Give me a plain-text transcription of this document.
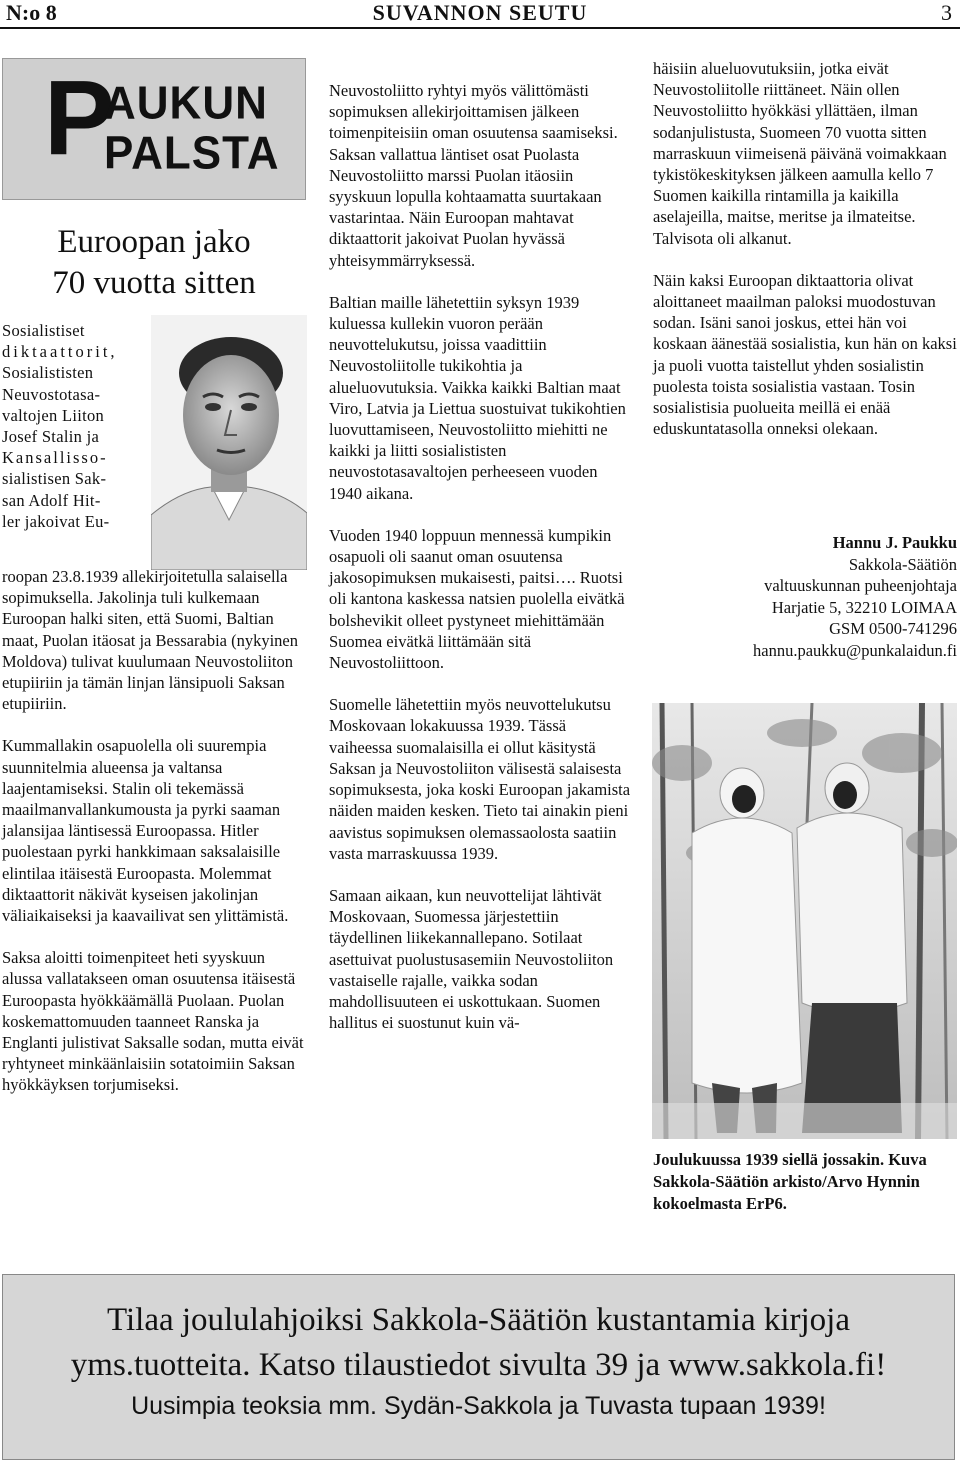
N:o 8	SUVANNON SEUTU	3
P
AUKUN
PALSTA
Euroopan jako
70 vuotta sitten
Sosialistiset
diktaattorit,
Sosialististen
Neuvostotasa-
valtojen Liiton
Josef Stalin ja
Kansallisso-
sialistisen Sak-
san Adolf Hit-
ler jakoivat Eu-

roopan 23.8.1939 allekirjoitetulla salaisella sopimuksella. Jakolinja tuli kulkemaan Euroopan halki siten, että Suomi, Baltian maat, Puolan itäosat ja Bessarabia (nykyinen Moldova) tulivat kuulumaan Neuvostoliiton etupiiriin ja tämän linjan länsipuoli Saksan etupiiriin.

Kummallakin osapuolella oli suurempia suunnitelmia alueensa ja valtansa laajentamiseksi. Stalin oli tekemässä maailmanvallankumousta ja pyrki saaman jalansijaa läntisessä Euroopassa. Hitler puolestaan pyrki hankkimaan saksalaisille elintilaa itäisestä Euroopasta. Molemmat diktaattorit näkivät kyseisen jakolinjan väliaikaiseksi ja kaavailivat sen ylittämistä.

Saksa aloitti toimenpiteet heti syyskuun alussa vallatakseen oman osuutensa itäisestä Euroopasta hyökkäämällä Puolaan. Puolan koskemattomuuden taanneet Ranska ja Englanti julistivat Saksalle sodan, mutta eivät ryhtyneet minkäänlaisiin sotatoimiin Saksan hyökkäyksen torjumiseksi.

Neuvostoliitto ryhtyi myös välittömästi sopimuksen allekirjoittamisen jälkeen toimenpiteisiin oman osuutensa saamiseksi. Saksan vallattua läntiset osat Puolasta Neuvostoliitto marssi Puolan itäosiin syyskuun lopulla kohtaamatta suurtakaan vastarintaa. Näin Euroopan mahtavat diktaattorit jakoivat Puolan hyvässä yhteisymmärryksessä.

Baltian maille lähetettiin syksyn 1939 kuluessa kullekin vuoron perään neuvottelukutsu, joissa vaadittiin Neuvostoliitolle tukikohtia ja alueluovutuksia. Vaikka kaikki Baltian maat Viro, Latvia ja Liettua suostuivat tukikohtien luovuttamiseen, Neuvostoliitto miehitti ne kaikki ja liitti sosialististen neuvostotasavaltojen perheeseen vuoden 1940 aikana.

Vuoden 1940 loppuun mennessä kumpikin osapuoli oli saanut oman osuutensa jakosopimuksen mukaisesti, paitsi…. Ruotsi oli kantona kaskessa natsien puolella eivätkä bolshevikit olleet pystyneet miehittämään Suomea eivätkä liittämään sitä Neuvostoliittoon.

Suomelle lähetettiin myös neuvottelukutsu Moskovaan lokakuussa 1939. Tässä vaiheessa suomalaisilla ei ollut käsitystä Saksan ja Neuvostoliiton välisestä salaisesta sopimuksesta, joka koski Euroopan jakamista näiden maiden kesken. Tieto tai ainakin pieni aavistus sopimuksen olemassaolosta saatiin vasta marraskuussa 1939.

Samaan aikaan, kun neuvottelijat lähtivät Moskovaan, Suomessa järjestettiin täydellinen liikekannallepano. Sotilaat asettuivat puolustusasemiin Neuvostoliiton vastaiselle rajalle, vaikka sodan mahdollisuuteen ei uskottukaan. Suomen hallitus ei suostunut kuin vä-

häisiin alueluovutuksiin, jotka eivät Neuvostoliitolle riittäneet. Näin ollen Neuvostoliitto hyökkäsi yllättäen, ilman sodanjulistusta, Suomeen 70 vuotta sitten marraskuun viimeisenä päivänä voimakkaan tykistökeskityksen jälkeen aamulla kello 7 Suomen kaikilla rintamilla ja kaikilla aselajeilla, maitse, meritse ja ilmateitse. Talvisota oli alkanut.

Näin kaksi Euroopan diktaattoria olivat aloittaneet maailman paloksi muodostuvan sodan. Isäni sanoi joskus, ettei hän voi koskaan äänestää sosialistia, kun hän on kaksi ja puoli vuotta taistellut yhden sosialistin puolesta toista sosialistia vastaan. Tosin sosialistisia puolueita meillä ei enää eduskuntatasolla onneksi olekaan.

Hannu J. Paukku
Sakkola-Säätiön
valtuuskunnan puheenjohtaja
Harjatie 5, 32210 LOIMAA
GSM 0500-741296
hannu.paukku@punkalaidun.fi
Joulukuussa 1939 siellä jossakin. Kuva Sakkola-Säätiön arkisto/Arvo Hynnin kokoelmasta ErP6.
Tilaa joululahjoiksi Sakkola-Säätiön kustantamia kirjoja
yms.tuotteita. Katso tilaustiedot sivulta 39 ja www.sakkola.fi!
Uusimpia teoksia mm. Sydän-Sakkola ja Tuvasta tupaan 1939!
